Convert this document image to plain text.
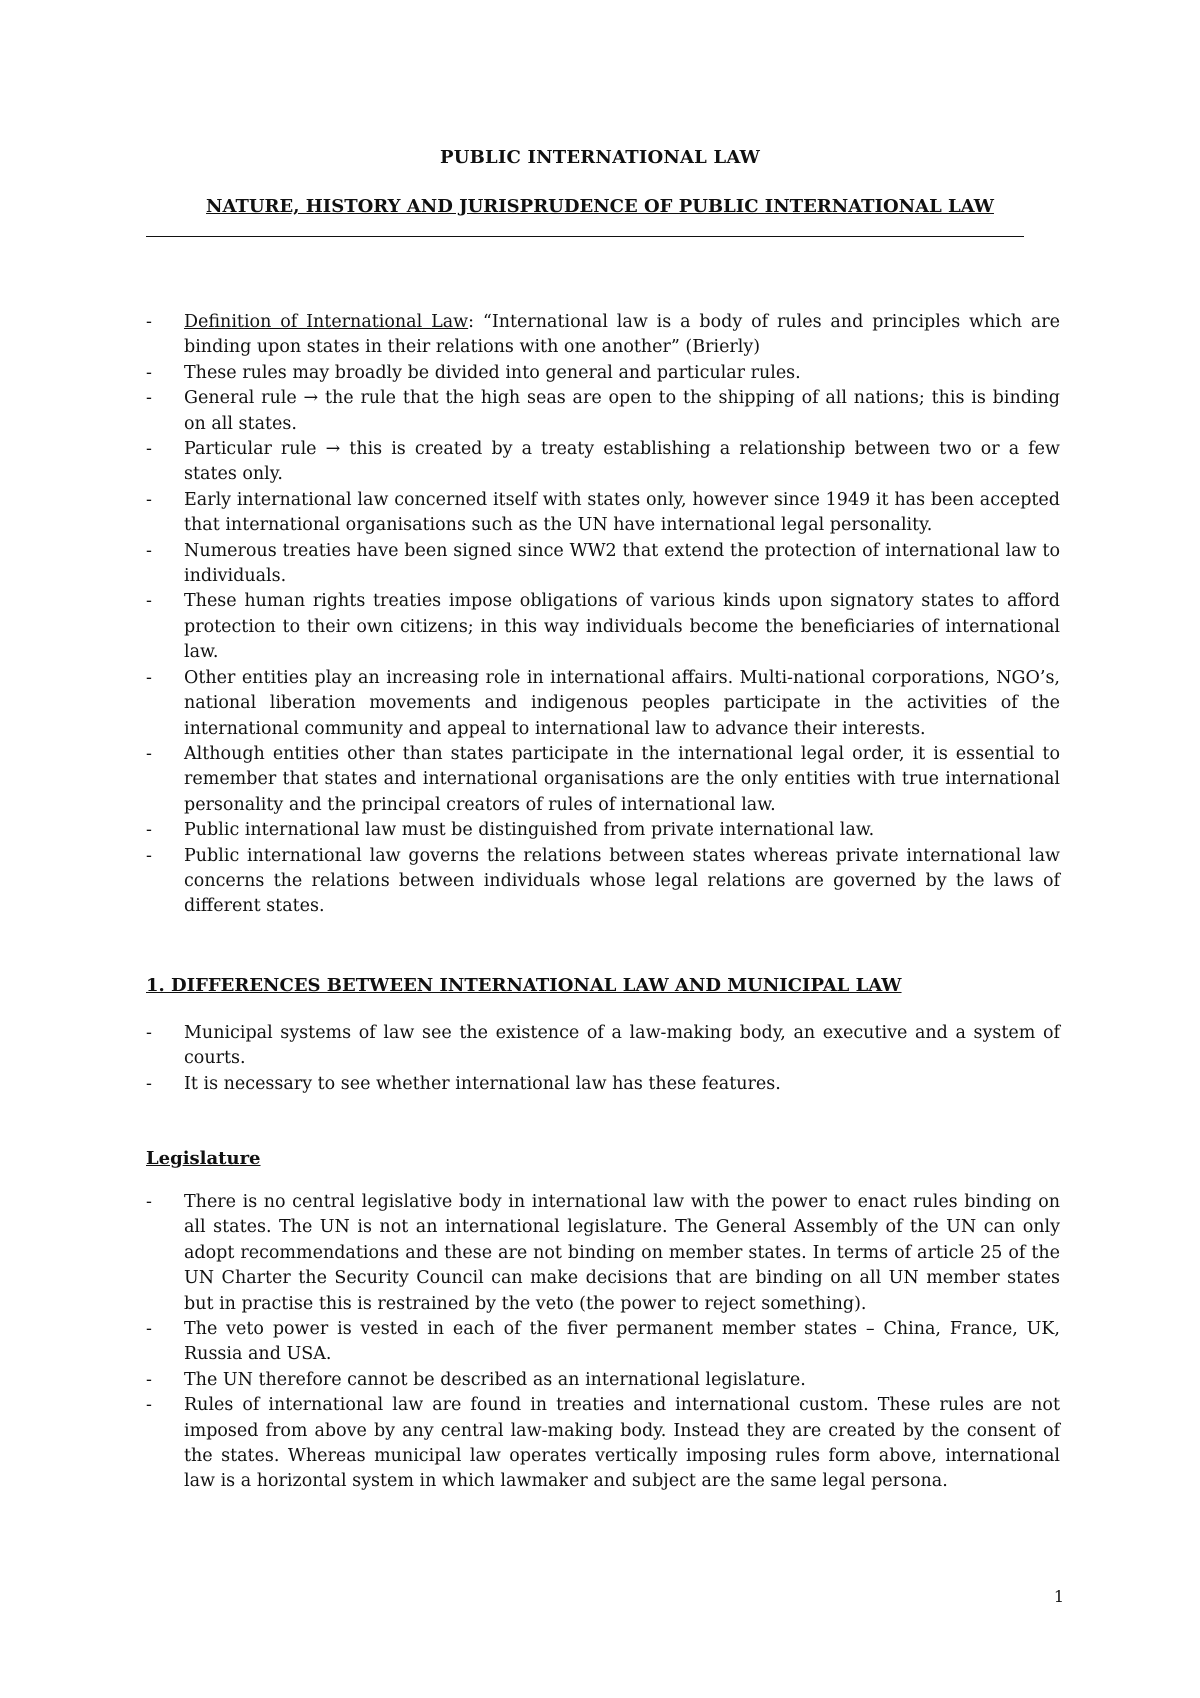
PUBLIC INTERNATIONAL LAW
NATURE, HISTORY AND JURISPRUDENCE OF PUBLIC INTERNATIONAL LAW
- Definition of International Law: “International law is a body of rules and principles which are binding upon states in their relations with one another” (Brierly)
- These rules may broadly be divided into general and particular rules.
- General rule → the rule that the high seas are open to the shipping of all nations; this is binding on all states.
- Particular rule → this is created by a treaty establishing a relationship between two or a few states only.
- Early international law concerned itself with states only, however since 1949 it has been accepted that international organisations such as the UN have international legal personality.
- Numerous treaties have been signed since WW2 that extend the protection of international law to individuals.
- These human rights treaties impose obligations of various kinds upon signatory states to afford protection to their own citizens; in this way individuals become the beneficiaries of international law.
- Other entities play an increasing role in international affairs. Multi-national corporations, NGO’s, national liberation movements and indigenous peoples participate in the activities of the international community and appeal to international law to advance their interests.
- Although entities other than states participate in the international legal order, it is essential to remember that states and international organisations are the only entities with true international personality and the principal creators of rules of international law.
- Public international law must be distinguished from private international law.
- Public international law governs the relations between states whereas private international law concerns the relations between individuals whose legal relations are governed by the laws of different states.
1. DIFFERENCES BETWEEN INTERNATIONAL LAW AND MUNICIPAL LAW
- Municipal systems of law see the existence of a law-making body, an executive and a system of courts.
- It is necessary to see whether international law has these features.
Legislature
- There is no central legislative body in international law with the power to enact rules binding on all states. The UN is not an international legislature. The General Assembly of the UN can only adopt recommendations and these are not binding on member states. In terms of article 25 of the UN Charter the Security Council can make decisions that are binding on all UN member states but in practise this is restrained by the veto (the power to reject something).
- The veto power is vested in each of the fiver permanent member states – China, France, UK, Russia and USA.
- The UN therefore cannot be described as an international legislature.
- Rules of international law are found in treaties and international custom. These rules are not imposed from above by any central law-making body. Instead they are created by the consent of the states. Whereas municipal law operates vertically imposing rules form above, international law is a horizontal system in which lawmaker and subject are the same legal persona.
1
